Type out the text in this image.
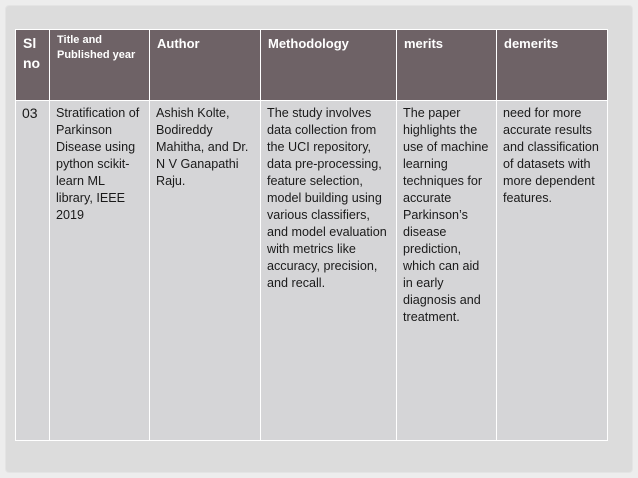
Sl no	Title and Published year	Author	Methodology	merits	demerits
03	Stratification of Parkinson Disease using python scikit-learn ML library, IEEE 2019	Ashish Kolte, Bodireddy Mahitha, and Dr. N V Ganapathi Raju.	The study involves data collection from the UCI repository, data pre-processing, feature selection, model building using various classifiers, and model evaluation with metrics like accuracy, precision, and recall.	The paper highlights the use of machine learning techniques for accurate Parkinson’s disease prediction, which can aid in early diagnosis and treatment.	need for more accurate results and classification of datasets with more dependent features.
